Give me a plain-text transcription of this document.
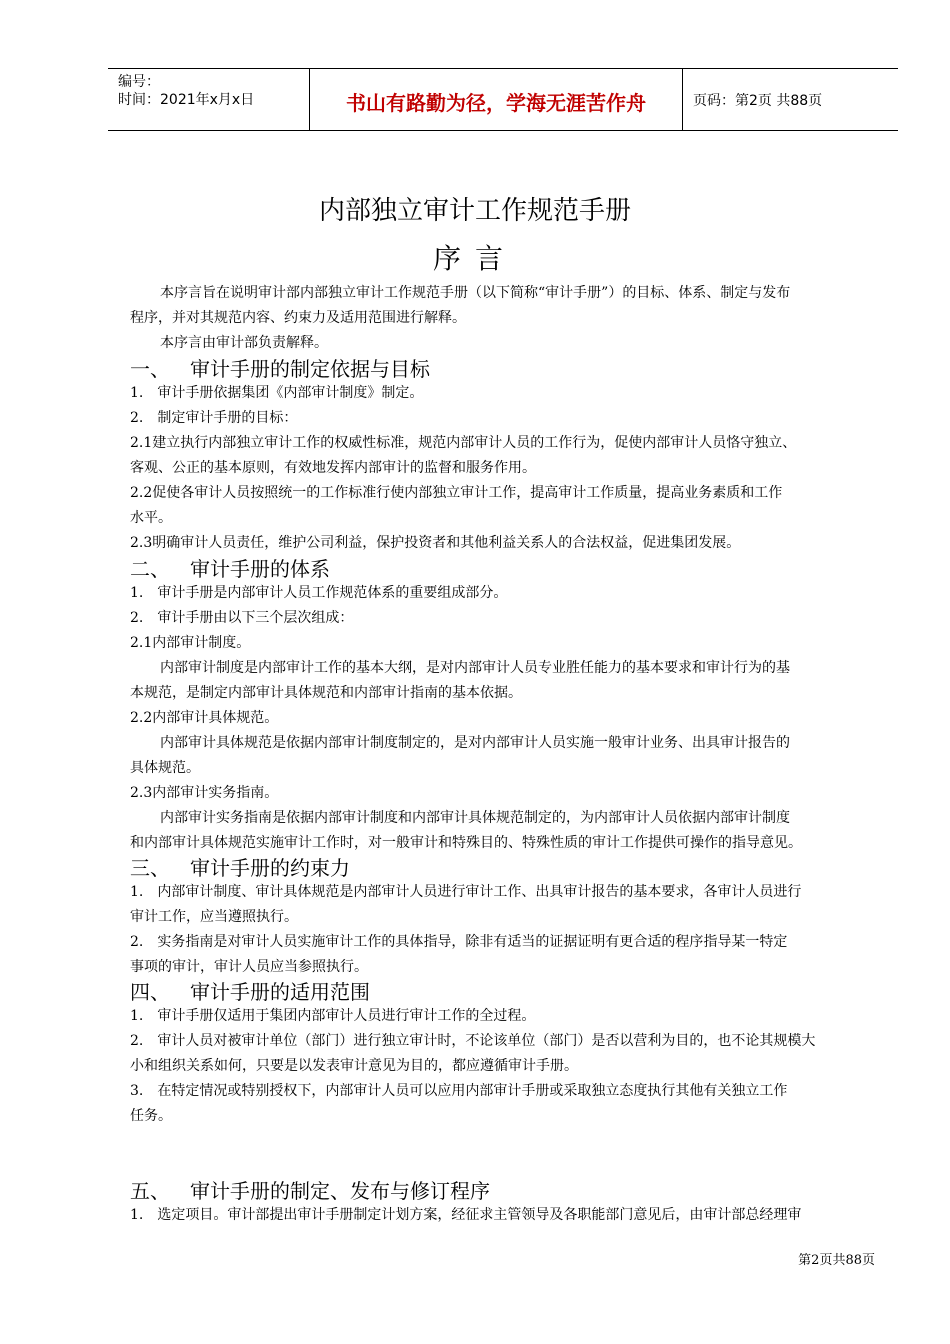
编号：
时间：2021年x月x日	书山有路勤为径，学海无涯苦作舟	页码：第2页 共88页
内部独立审计工作规范手册
序言
本序言旨在说明审计部内部独立审计工作规范手册（以下简称“审计手册”）的目标、体系、制定与发布
程序，并对其规范内容、约束力及适用范围进行解释。
本序言由审计部负责解释。
一、 审计手册的制定依据与目标
1.　审计手册依据集团《内部审计制度》制定。
2.　制定审计手册的目标：
2.1建立执行内部独立审计工作的权威性标准，规范内部审计人员的工作行为，促使内部审计人员恪守独立、
客观、公正的基本原则，有效地发挥内部审计的监督和服务作用。
2.2促使各审计人员按照统一的工作标准行使内部独立审计工作，提高审计工作质量，提高业务素质和工作
水平。
2.3明确审计人员责任，维护公司利益，保护投资者和其他利益关系人的合法权益，促进集团发展。
二、 审计手册的体系
1.　审计手册是内部审计人员工作规范体系的重要组成部分。
2.　审计手册由以下三个层次组成：
2.1内部审计制度。
内部审计制度是内部审计工作的基本大纲，是对内部审计人员专业胜任能力的基本要求和审计行为的基
本规范，是制定内部审计具体规范和内部审计指南的基本依据。
2.2内部审计具体规范。
内部审计具体规范是依据内部审计制度制定的，是对内部审计人员实施一般审计业务、出具审计报告的
具体规范。
2.3内部审计实务指南。
内部审计实务指南是依据内部审计制度和内部审计具体规范制定的，为内部审计人员依据内部审计制度
和内部审计具体规范实施审计工作时，对一般审计和特殊目的、特殊性质的审计工作提供可操作的指导意见。
三、 审计手册的约束力
1.　内部审计制度、审计具体规范是内部审计人员进行审计工作、出具审计报告的基本要求，各审计人员进行
审计工作，应当遵照执行。
2.　实务指南是对审计人员实施审计工作的具体指导，除非有适当的证据证明有更合适的程序指导某一特定
事项的审计，审计人员应当参照执行。
四、 审计手册的适用范围
1.　审计手册仅适用于集团内部审计人员进行审计工作的全过程。
2.　审计人员对被审计单位（部门）进行独立审计时，不论该单位（部门）是否以营利为目的，也不论其规模大
小和组织关系如何，只要是以发表审计意见为目的，都应遵循审计手册。
3.　在特定情况或特别授权下，内部审计人员可以应用内部审计手册或采取独立态度执行其他有关独立工作
任务。
五、 审计手册的制定、发布与修订程序
1.　选定项目。审计部提出审计手册制定计划方案，经征求主管领导及各职能部门意见后，由审计部总经理审
第2页共88页
